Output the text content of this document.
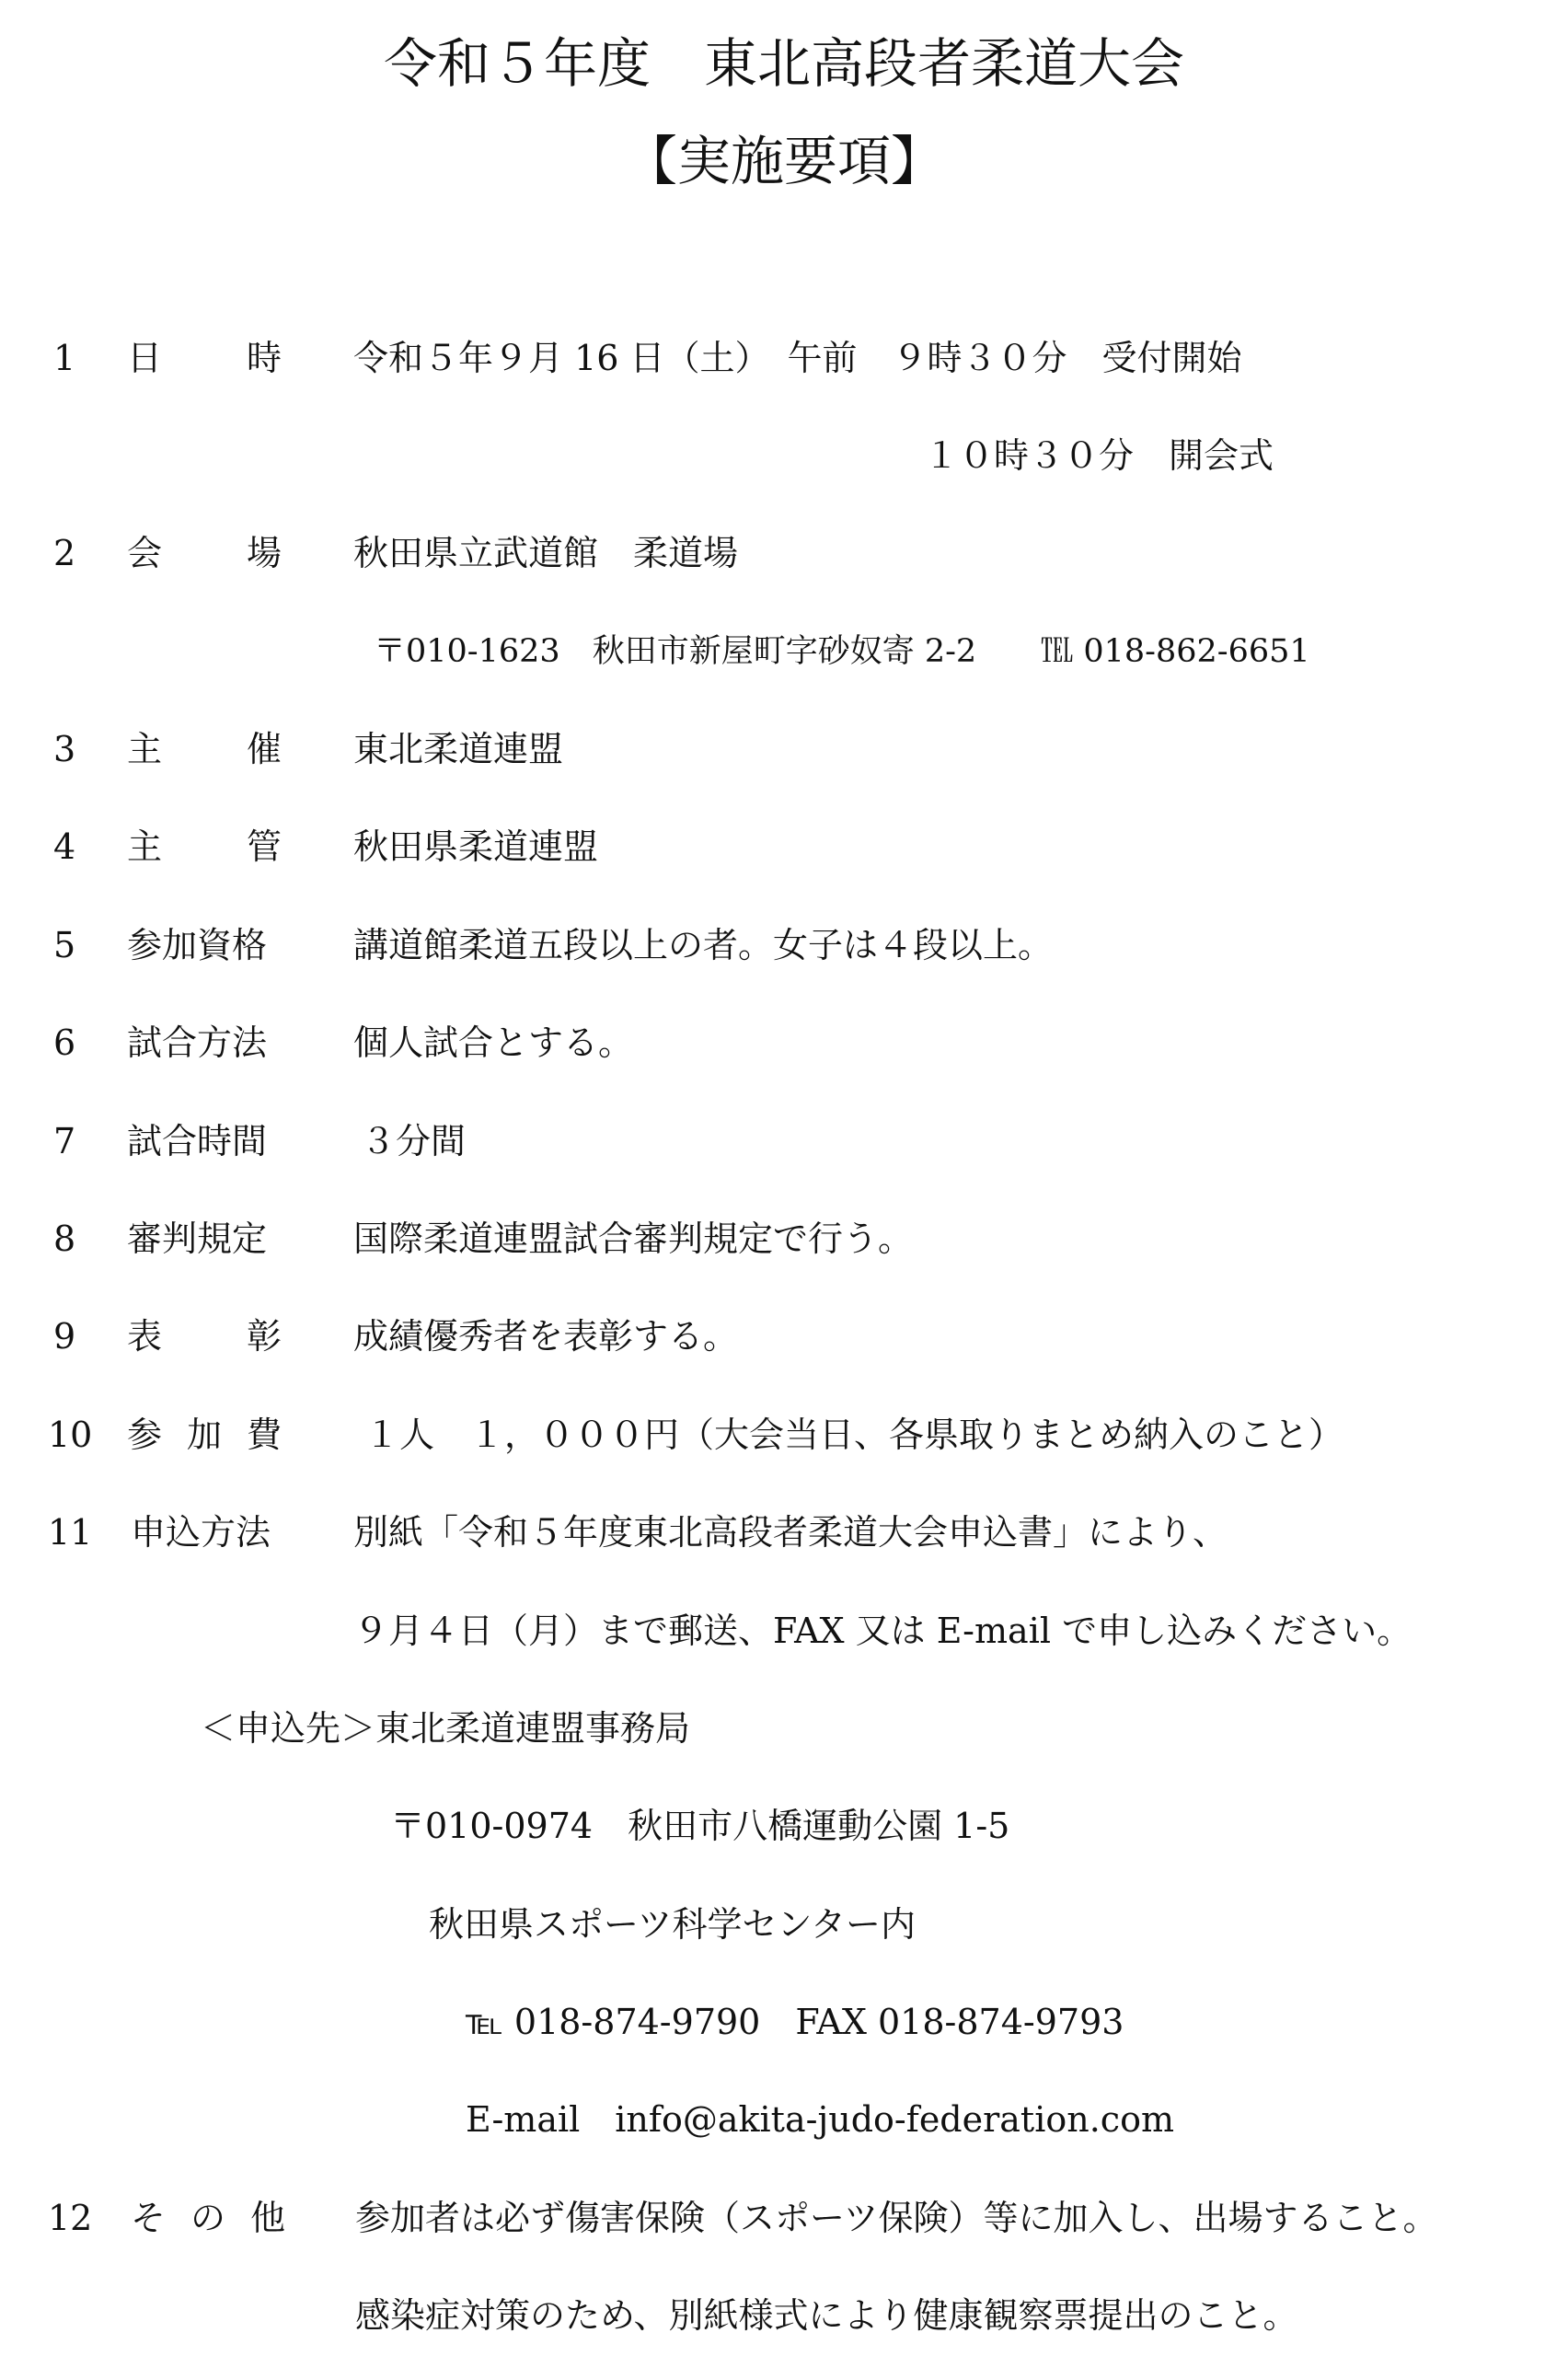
令和５年度　東北高段者柔道大会
【実施要項】
1 日 時 令和５年９月 16 日（土）　午前　９時３０分　受付開始
１０時３０分　開会式
2 会 場 秋田県立武道館　柔道場
〒010-1623　秋田市新屋町字砂奴寄 2-2　　℡ 018-862-6651
3 主 催 東北柔道連盟
4 主 管 秋田県柔道連盟
5 参加資格 講道館柔道五段以上の者。女子は４段以上。
6 試合方法 個人試合とする。
7 試合時間	３分間
8 審判規定 国際柔道連盟試合審判規定で行う。
9 表 彰 成績優秀者を表彰する。
10 参 加 費 １人　１，０００円（大会当日、各県取りまとめ納入のこと）
11 申込方法 別紙「令和５年度東北高段者柔道大会申込書」により、
９月４日（月）まで郵送、FAX 又は E-mail で申し込みください。
＜申込先＞東北柔道連盟事務局
〒010-0974　秋田市八橋運動公園 1-5
秋田県スポーツ科学センター内
℡ 018-874-9790　FAX 018-874-9793
E-mail　info@akita-judo-federation.com
12 そ の 他 参加者は必ず傷害保険（スポーツ保険）等に加入し、出場すること。
感染症対策のため、別紙様式により健康観察票提出のこと。
